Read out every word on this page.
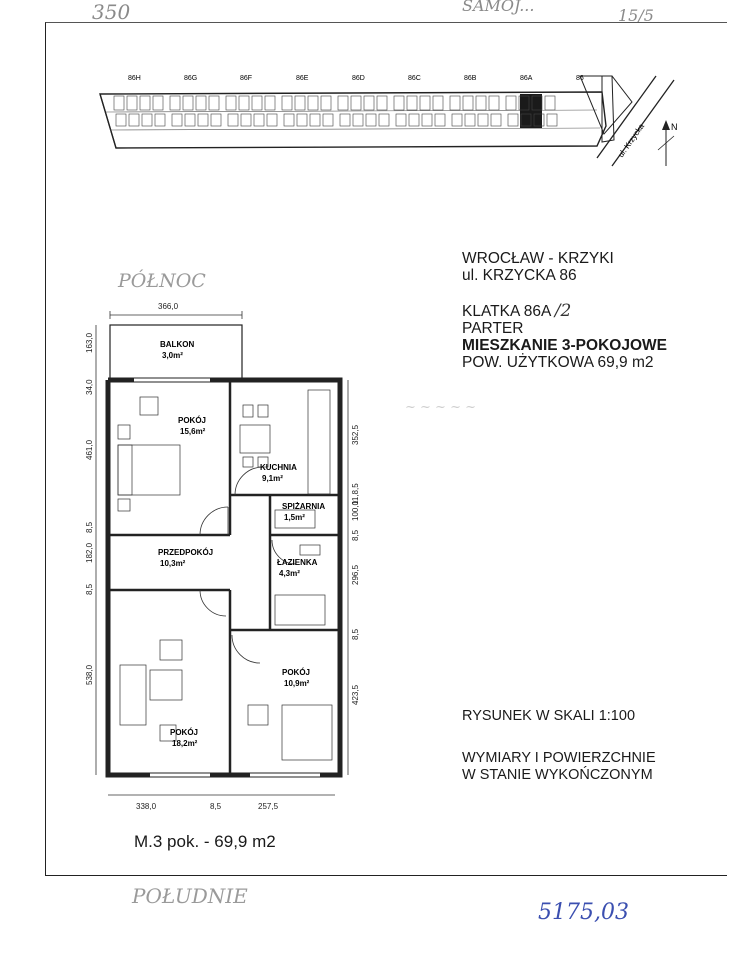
350	SAMOJ...
15/5
86H	86G	86F	86E	86D	86C	86B	86A	86
ul. Krzycka	N
WROCŁAW - KRZYKI
ul. KRZYCKA 86
KLATKA 86A /2
PARTER
MIESZKANIE 3-POKOJOWE
POW. UŻYTKOWA 69,9 m2
~ ~ ~ ~ ~
RYSUNEK W SKALI 1:100
WYMIARY I POWIERZCHNIE
W STANIE WYKOŃCZONYM
M.3 pok. - 69,9 m2
PÓŁNOC
POŁUDNIE
5175,03
366,0
163,0
34,0
461,0
8,5
182,0
8,5
538,0
352,5
11,8,5
100,0
8,5
296,5
8,5
423,5
338,0	8,5	257,5
BALKON
3,0m²
POKÓJ
15,6m²
KUCHNIA
9,1m²
SPIŻARNIA
1,5m²
PRZEDPOKÓJ
10,3m²	ŁAZIENKA
4,3m²
POKÓJ
10,9m²
POKÓJ
18,2m²
